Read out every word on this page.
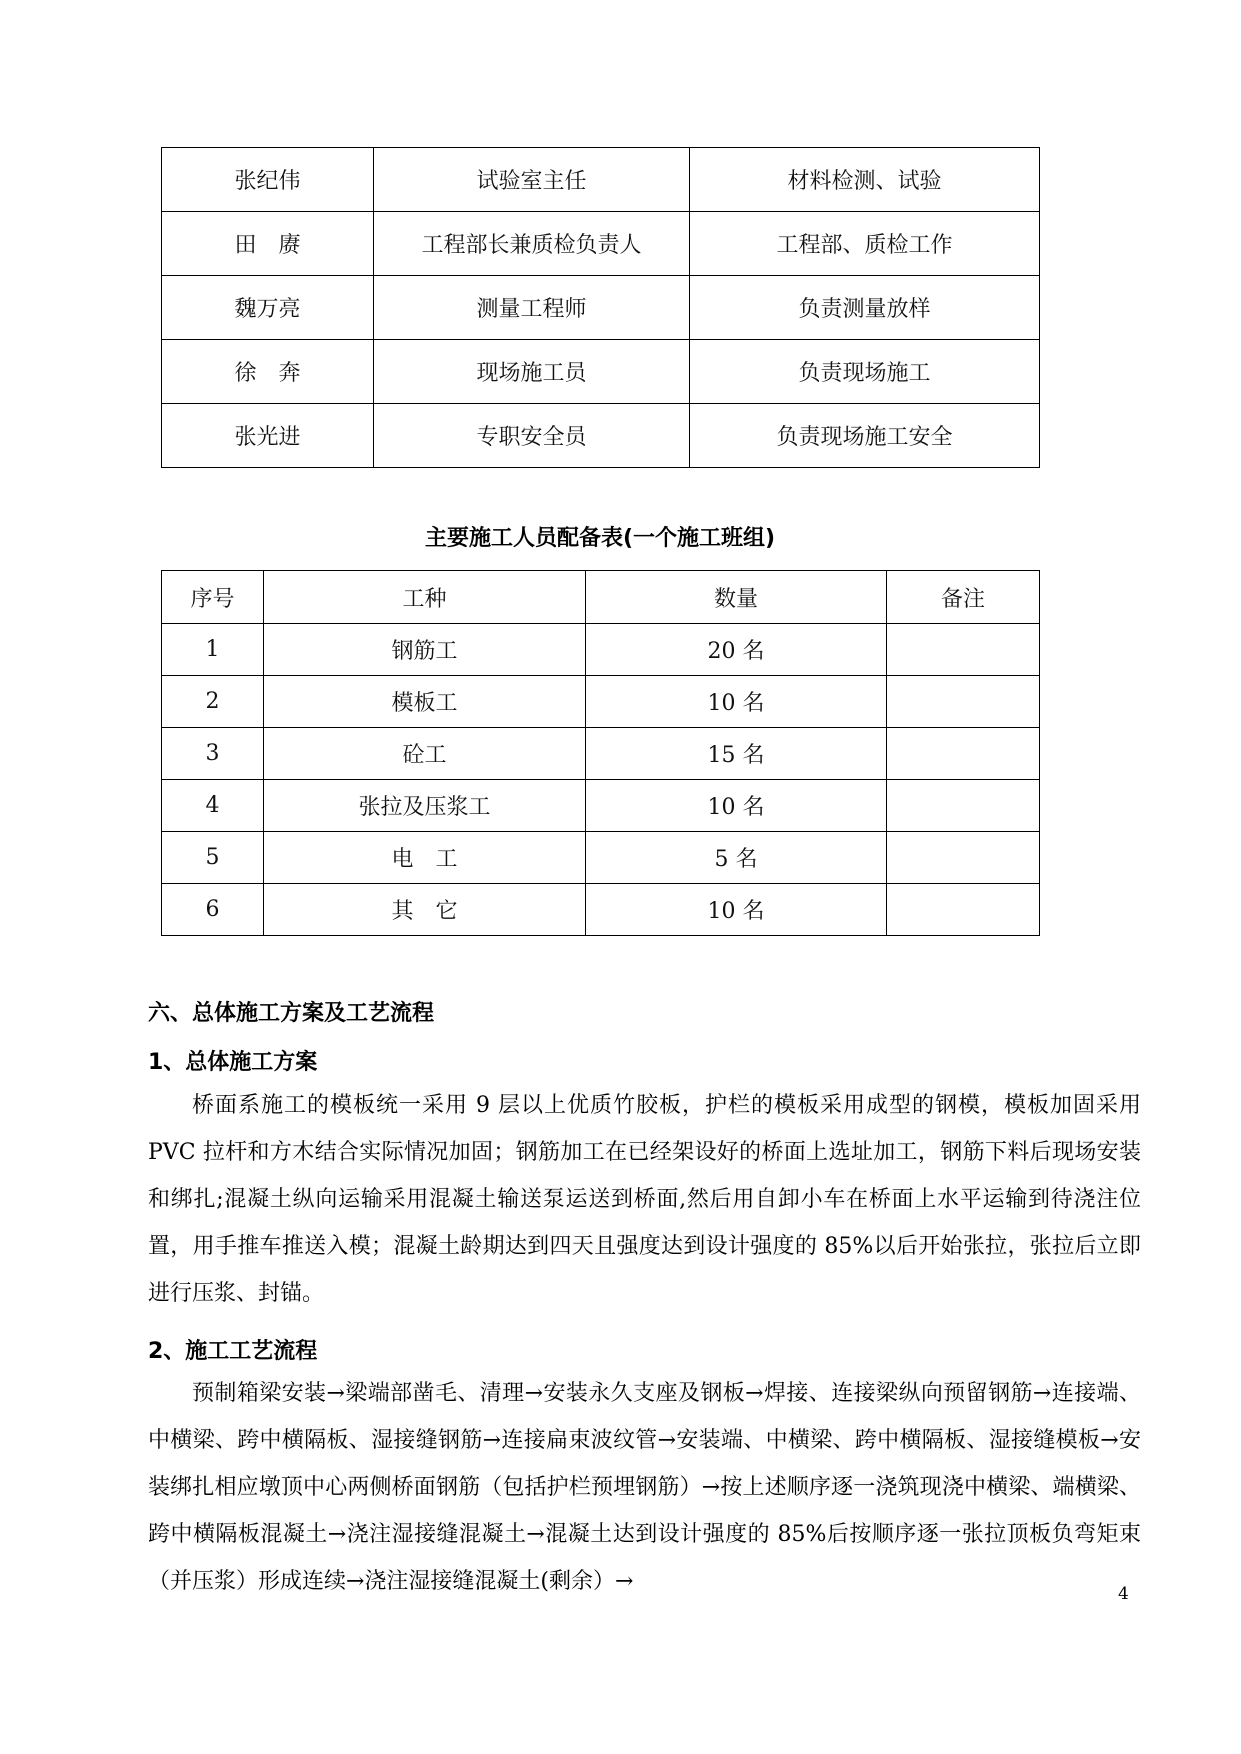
张纪伟	试验室主任	材料检测、试验
田　赓	工程部长兼质检负责人	工程部、质检工作
魏万亮	测量工程师	负责测量放样
徐　奔	现场施工员	负责现场施工
张光进	专职安全员	负责现场施工安全
主要施工人员配备表(一个施工班组)
序号	工种	数量	备注
1	钢筋工	20 名	
2	模板工	10 名	
3	砼工	15 名	
4	张拉及压浆工	10 名	
5	电　工	5 名	
6	其　它	10 名	
六、总体施工方案及工艺流程
1、总体施工方案

桥面系施工的模板统一采用 9 层以上优质竹胶板，护栏的模板采用成型的钢模，模板加固采用 PVC 拉杆和方木结合实际情况加固；钢筋加工在已经架设好的桥面上选址加工，钢筋下料后现场安装和绑扎;混凝土纵向运输采用混凝土输送泵运送到桥面,然后用自卸小车在桥面上水平运输到待浇注位置，用手推车推送入模；混凝土龄期达到四天且强度达到设计强度的 85%以后开始张拉，张拉后立即进行压浆、封锚。

2、施工工艺流程

预制箱梁安装→梁端部凿毛、清理→安装永久支座及钢板→焊接、连接梁纵向预留钢筋→连接端、中横梁、跨中横隔板、湿接缝钢筋→连接扁束波纹管→安装端、中横梁、跨中横隔板、湿接缝模板→安装绑扎相应墩顶中心两侧桥面钢筋（包括护栏预埋钢筋）→按上述顺序逐一浇筑现浇中横梁、端横梁、跨中横隔板混凝土→浇注湿接缝混凝土→混凝土达到设计强度的 85%后按顺序逐一张拉顶板负弯矩束（并压浆）形成连续→浇注湿接缝混凝土(剩余）→	4
